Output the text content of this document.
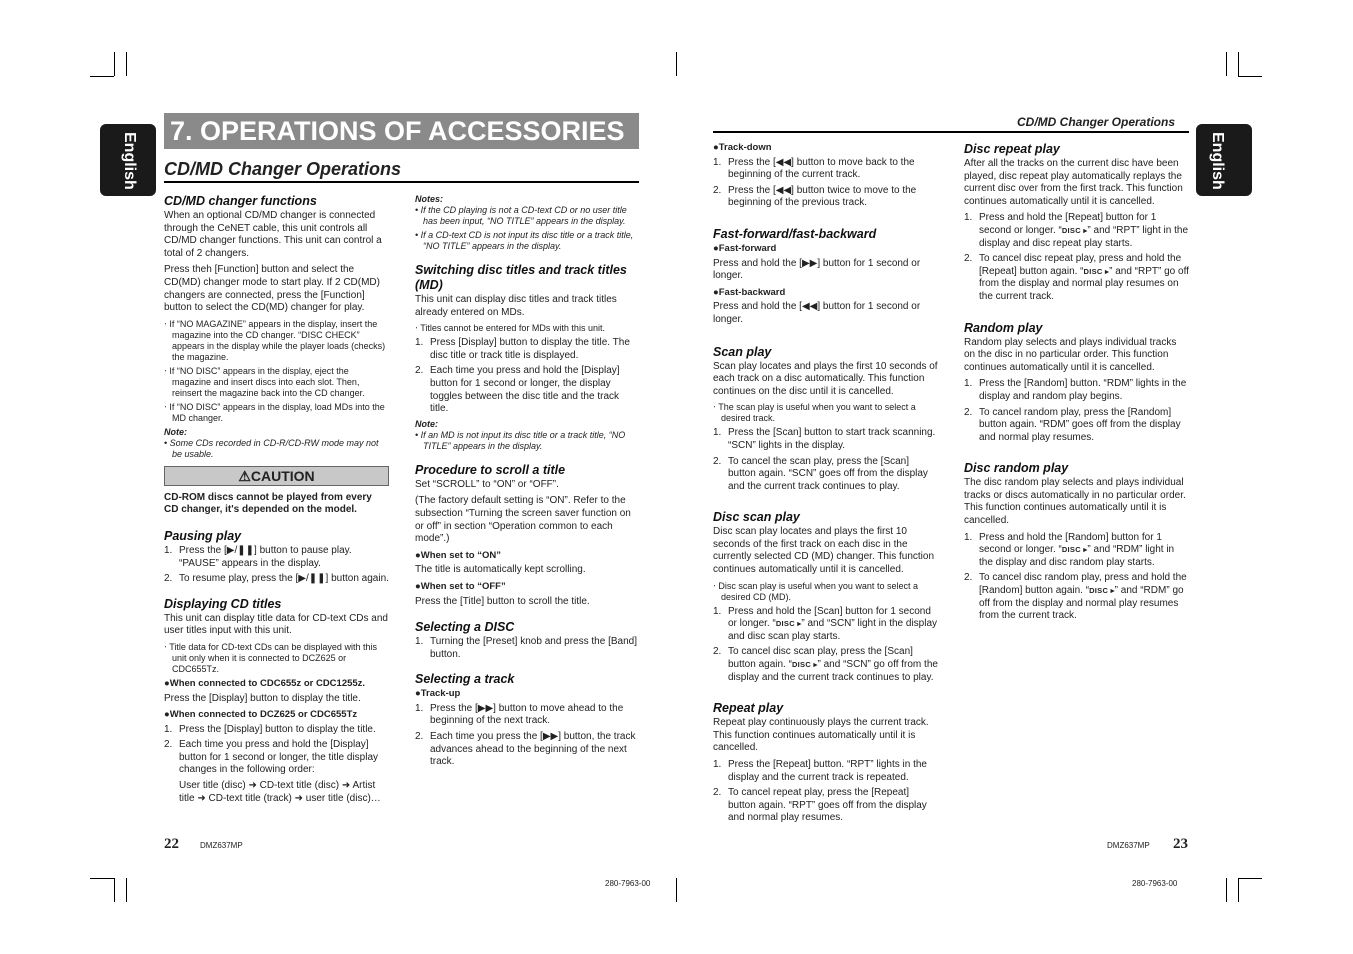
English
7. OPERATIONS OF ACCESSORIES
CD/MD Changer Operations
CD/MD changer functions

When an optional CD/MD changer is connected through the CeNET cable, this unit controls all CD/MD changer functions. This unit can control a total of 2 changers.

Press theh [Function] button and select the CD(MD) changer mode to start play. If 2 CD(MD) changers are connected, press the [Function] button to select the CD(MD) changer for play.

‧ If “NO MAGAZINE” appears in the display, insert the magazine into the CD changer. “DISC CHECK” appears in the display while the player loads (checks) the magazine.
‧ If “NO DISC” appears in the display, eject the magazine and insert discs into each slot. Then, reinsert the magazine back into the CD changer.
‧ If “NO DISC” appears in the display, load MDs into the MD changer.
Note:
• Some CDs recorded in CD-R/CD-RW mode may not be usable.
⚠CAUTION

CD-ROM discs cannot be played from every CD changer, it's depended on the model.

Pausing play
1. Press the [▶/❚❚] button to pause play. “PAUSE” appears in the display.
2. To resume play, press the [▶/❚❚] button again.
Displaying CD titles

This unit can display title data for CD-text CDs and user titles input with this unit.

‧ Title data for CD-text CDs can be displayed with this unit only when it is connected to DCZ625 or CDC655Tz.
●When connected to CDC655z or CDC1255z.

Press the [Display] button to display the title.

●When connected to DCZ625 or CDC655Tz
1. Press the [Display] button to display the title.
2. Each time you press and hold the [Display] button for 1 second or longer, the title display changes in the following order:
User title (disc) ➜ CD-text title (disc) ➜ Artist title ➜ CD-text title (track) ➜ user title (disc)…
Notes:
• If the CD playing is not a CD-text CD or no user title has been input, “NO TITLE” appears in the display.
• If a CD-text CD is not input its disc title or a track title, “NO TITLE” appears in the display.
Switching disc titles and track titles (MD)

This unit can display disc titles and track titles already entered on MDs.

‧ Titles cannot be entered for MDs with this unit.
1. Press [Display] button to display the title. The disc title or track title is displayed.
2. Each time you press and hold the [Display] button for 1 second or longer, the display toggles between the disc title and the track title.
Note:
• If an MD is not input its disc title or a track title, “NO TITLE” appears in the display.
Procedure to scroll a title

Set “SCROLL” to “ON” or “OFF”.

(The factory default setting is “ON”. Refer to the subsection “Turning the screen saver function on or off” in section “Operation common to each mode”.)

●When set to “ON”

The title is automatically kept scrolling.

●When set to “OFF”

Press the [Title] button to scroll the title.

Selecting a DISC
1. Turning the [Preset] knob and press the [Band] button.
Selecting a track
●Track-up
1. Press the [▶▶] button to move ahead to the beginning of the next track.
2. Each time you press the [▶▶] button, the track advances ahead to the beginning of the next track.
22	DMZ637MP
280-7963-00
CD/MD Changer Operations
English
●Track-down
1. Press the [◀◀] button to move back to the beginning of the current track.
2. Press the [◀◀] button twice to move to the beginning of the previous track.
Fast-forward/fast-backward
●Fast-forward

Press and hold the [▶▶] button for 1 second or longer.

●Fast-backward

Press and hold the [◀◀] button for 1 second or longer.

Scan play

Scan play locates and plays the first 10 seconds of each track on a disc automatically. This function continues on the disc until it is cancelled.

‧ The scan play is useful when you want to select a desired track.
1. Press the [Scan] button to start track scanning. “SCN” lights in the display.
2. To cancel the scan play, press the [Scan] button again. “SCN” goes off from the display and the current track continues to play.
Disc scan play

Disc scan play locates and plays the first 10 seconds of the first track on each disc in the currently selected CD (MD) changer. This function continues automatically until it is cancelled.

‧ Disc scan play is useful when you want to select a desired CD (MD).
1. Press and hold the [Scan] button for 1 second or longer. “DISC ▸” and “SCN” light in the display and disc scan play starts.
2. To cancel disc scan play, press the [Scan] button again. “DISC ▸” and “SCN” go off from the display and the current track continues to play.
Repeat play

Repeat play continuously plays the current track. This function continues automatically until it is cancelled.

1. Press the [Repeat] button. “RPT” lights in the display and the current track is repeated.
2. To cancel repeat play, press the [Repeat] button again. “RPT” goes off from the display and normal play resumes.
Disc repeat play

After all the tracks on the current disc have been played, disc repeat play automatically replays the current disc over from the first track. This function continues automatically until it is cancelled.

1. Press and hold the [Repeat] button for 1 second or longer. “DISC ▸” and “RPT” light in the display and disc repeat play starts.
2. To cancel disc repeat play, press and hold the [Repeat] button again. “DISC ▸” and “RPT” go off from the display and normal play resumes on the current track.
Random play

Random play selects and plays individual tracks on the disc in no particular order. This function continues automatically until it is cancelled.

1. Press the [Random] button. “RDM” lights in the display and random play begins.
2. To cancel random play, press the [Random] button again. “RDM” goes off from the display and normal play resumes.
Disc random play

The disc random play selects and plays individual tracks or discs automatically in no particular order. This function continues automatically until it is cancelled.

1. Press and hold the [Random] button for 1 second or longer. “DISC ▸” and “RDM” light in the display and disc random play starts.
2. To cancel disc random play, press and hold the [Random] button again. “DISC ▸” and “RDM” go off from the display and normal play resumes from the current track.
DMZ637MP 23
280-7963-00
